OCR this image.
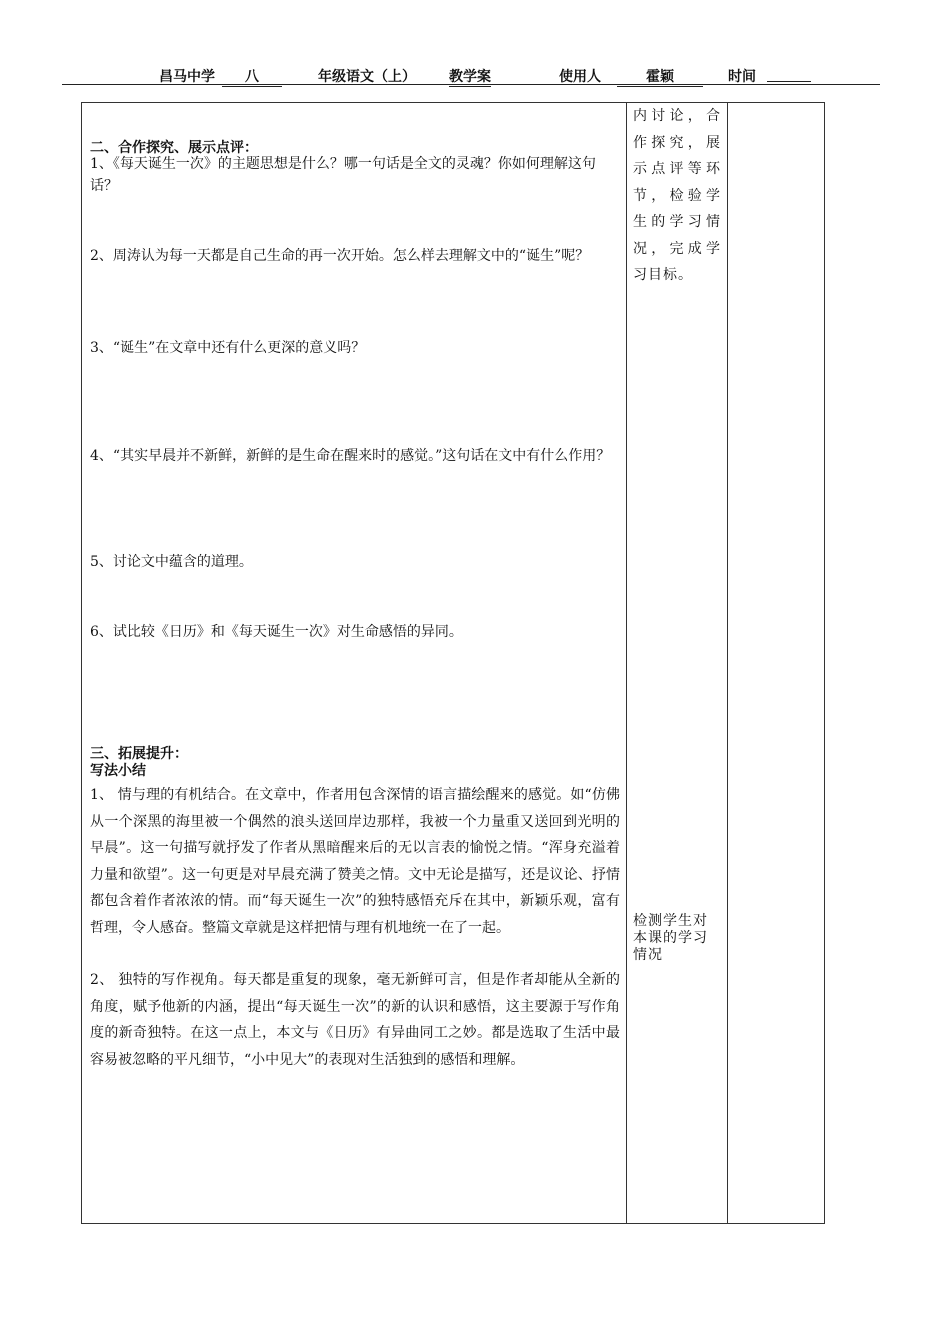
昌马中学	八	年级语文（上） 教学案	使用人	霍颖	时间
二、合作探究、展示点评：
1、《每天诞生一次》的主题思想是什么？哪一句话是全文的灵魂？你如何理解这句话？
2、周涛认为每一天都是自己生命的再一次开始。怎么样去理解文中的“诞生”呢？
3、“诞生”在文章中还有什么更深的意义吗？
4、“其实早晨并不新鲜，新鲜的是生命在醒来时的感觉。”这句话在文中有什么作用？
5、讨论文中蕴含的道理。
6、试比较《日历》和《每天诞生一次》对生命感悟的异同。
三、拓展提升：
写法小结
1、 情与理的有机结合。在文章中，作者用包含深情的语言描绘醒来的感觉。如“仿佛从一个深黑的海里被一个偶然的浪头送回岸边那样，我被一个力量重又送回到光明的早晨”。这一句描写就抒发了作者从黑暗醒来后的无以言表的愉悦之情。“浑身充溢着力量和欲望”。这一句更是对早晨充满了赞美之情。文中无论是描写，还是议论、抒情都包含着作者浓浓的情。而“每天诞生一次”的独特感悟充斥在其中，新颖乐观，富有哲理，令人感奋。整篇文章就是这样把情与理有机地统一在了一起。
2、 独特的写作视角。每天都是重复的现象，毫无新鲜可言，但是作者却能从全新的角度，赋予他新的内涵，提出“每天诞生一次”的新的认识和感悟，这主要源于写作角度的新奇独特。在这一点上，本文与《日历》有异曲同工之妙。都是选取了生活中最容易被忽略的平凡细节，“小中见大”的表现对生活独到的感悟和理解。
内讨论，合作探究，展示点评等环节，检验学生的学习情况，完成学习目标。
检测学生对本课的学习情况
